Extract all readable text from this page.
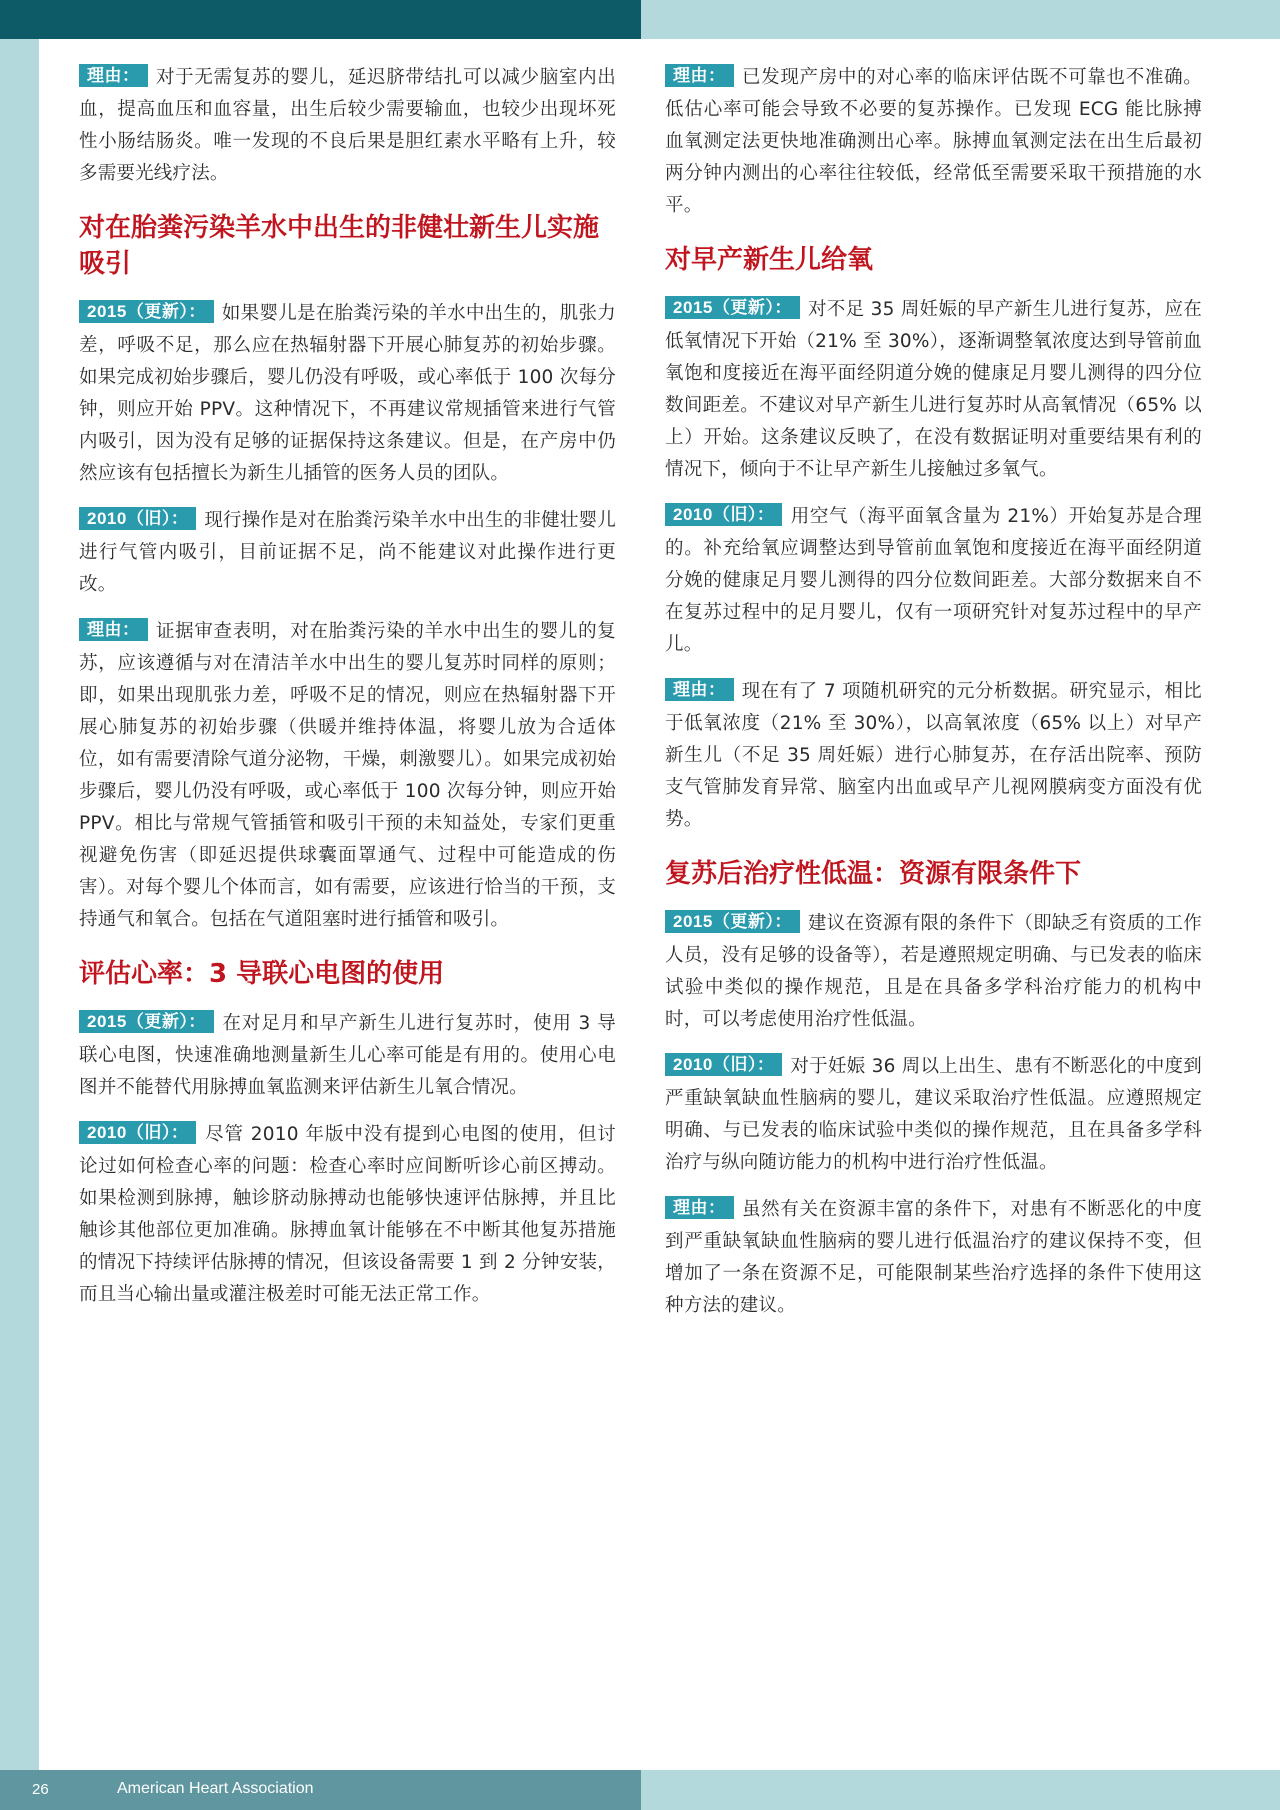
理由： 对于无需复苏的婴儿，延迟脐带结扎可以减少脑室内出血，提高血压和血容量，出生后较少需要输血，也较少出现坏死性小肠结肠炎。唯一发现的不良后果是胆红素水平略有上升，较多需要光线疗法。

对在胎粪污染羊水中出生的非健壮新生儿实施吸引

2015（更新）： 如果婴儿是在胎粪污染的羊水中出生的，肌张力差，呼吸不足，那么应在热辐射器下开展心肺复苏的初始步骤。如果完成初始步骤后，婴儿仍没有呼吸，或心率低于 100 次每分钟，则应开始 PPV。这种情况下，不再建议常规插管来进行气管内吸引，因为没有足够的证据保持这条建议。但是，在产房中仍然应该有包括擅长为新生儿插管的医务人员的团队。

2010（旧）： 现行操作是对在胎粪污染羊水中出生的非健壮婴儿进行气管内吸引，目前证据不足，尚不能建议对此操作进行更改。

理由： 证据审查表明，对在胎粪污染的羊水中出生的婴儿的复苏，应该遵循与对在清洁羊水中出生的婴儿复苏时同样的原则；即，如果出现肌张力差，呼吸不足的情况，则应在热辐射器下开展心肺复苏的初始步骤（供暖并维持体温，将婴儿放为合适体位，如有需要清除气道分泌物，干燥，刺激婴儿）。如果完成初始步骤后，婴儿仍没有呼吸，或心率低于 100 次每分钟，则应开始 PPV。相比与常规气管插管和吸引干预的未知益处，专家们更重视避免伤害（即延迟提供球囊面罩通气、过程中可能造成的伤害）。对每个婴儿个体而言，如有需要，应该进行恰当的干预，支持通气和氧合。包括在气道阻塞时进行插管和吸引。

评估心率：3 导联心电图的使用

2015（更新）： 在对足月和早产新生儿进行复苏时，使用 3 导联心电图，快速准确地测量新生儿心率可能是有用的。使用心电图并不能替代用脉搏血氧监测来评估新生儿氧合情况。

2010（旧）： 尽管 2010 年版中没有提到心电图的使用，但讨论过如何检查心率的问题：检查心率时应间断听诊心前区搏动。如果检测到脉搏，触诊脐动脉搏动也能够快速评估脉搏，并且比触诊其他部位更加准确。脉搏血氧计能够在不中断其他复苏措施的情况下持续评估脉搏的情况，但该设备需要 1 到 2 分钟安装，而且当心输出量或灌注极差时可能无法正常工作。

理由： 已发现产房中的对心率的临床评估既不可靠也不准确。低估心率可能会导致不必要的复苏操作。已发现 ECG 能比脉搏血氧测定法更快地准确测出心率。脉搏血氧测定法在出生后最初两分钟内测出的心率往往较低，经常低至需要采取干预措施的水平。

对早产新生儿给氧

2015（更新）： 对不足 35 周妊娠的早产新生儿进行复苏，应在低氧情况下开始（21% 至 30%），逐渐调整氧浓度达到导管前血氧饱和度接近在海平面经阴道分娩的健康足月婴儿测得的四分位数间距差。不建议对早产新生儿进行复苏时从高氧情况（65% 以上）开始。这条建议反映了，在没有数据证明对重要结果有利的情况下，倾向于不让早产新生儿接触过多氧气。

2010（旧）： 用空气（海平面氧含量为 21%）开始复苏是合理的。补充给氧应调整达到导管前血氧饱和度接近在海平面经阴道分娩的健康足月婴儿测得的四分位数间距差。大部分数据来自不在复苏过程中的足月婴儿，仅有一项研究针对复苏过程中的早产儿。

理由： 现在有了 7 项随机研究的元分析数据。研究显示，相比于低氧浓度（21% 至 30%），以高氧浓度（65% 以上）对早产新生儿（不足 35 周妊娠）进行心肺复苏，在存活出院率、预防支气管肺发育异常、脑室内出血或早产儿视网膜病变方面没有优势。

复苏后治疗性低温：资源有限条件下

2015（更新）： 建议在资源有限的条件下（即缺乏有资质的工作人员，没有足够的设备等），若是遵照规定明确、与已发表的临床试验中类似的操作规范，且是在具备多学科治疗能力的机构中时，可以考虑使用治疗性低温。

2010（旧）： 对于妊娠 36 周以上出生、患有不断恶化的中度到严重缺氧缺血性脑病的婴儿，建议采取治疗性低温。应遵照规定明确、与已发表的临床试验中类似的操作规范，且在具备多学科治疗与纵向随访能力的机构中进行治疗性低温。

理由： 虽然有关在资源丰富的条件下，对患有不断恶化的中度到严重缺氧缺血性脑病的婴儿进行低温治疗的建议保持不变，但增加了一条在资源不足，可能限制某些治疗选择的条件下使用这种方法的建议。

26	American Heart Association
